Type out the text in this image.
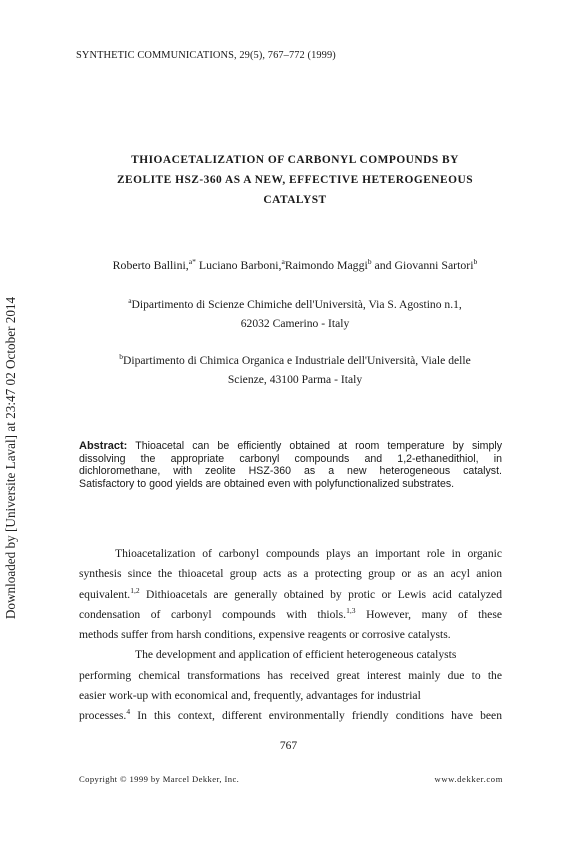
Downloaded by [Universite Laval] at 23:47 02 October 2014
SYNTHETIC COMMUNICATIONS, 29(5), 767–772 (1999)
THIOACETALIZATION OF CARBONYL COMPOUNDS BY
ZEOLITE HSZ-360 AS A NEW, EFFECTIVE HETEROGENEOUS
CATALYST
Roberto Ballini,$^{a*}$ Luciano Barboni,$^a$Raimondo Maggi$^b$ and Giovanni Sartori$^b$
$^a$Dipartimento di Scienze Chimiche dell'Università, Via S. Agostino n.1,
62032 Camerino - Italy
$^b$Dipartimento di Chimica Organica e Industriale dell'Università, Viale delle
Scienze, 43100 Parma - Italy
Abstract: Thioacetal can be efficiently obtained at room temperature by simply
dissolving the appropriate carbonyl compounds and 1,2-ethanedithiol, in
dichloromethane, with zeolite HSZ-360 as a new heterogeneous catalyst.
Satisfactory to good yields are obtained even with polyfunctionalized substrates.
Thioacetalization of carbonyl compounds plays an important role in organic
synthesis since the thioacetal group acts as a protecting group or as an acyl anion
equivalent.$^{1,2}$ Dithioacetals are generally obtained by protic or Lewis acid catalyzed
condensation of carbonyl compounds with thiols.$^{1,3}$ However, many of these
methods suffer from harsh conditions, expensive reagents or corrosive catalysts.
The development and application of efficient heterogeneous catalysts
performing chemical transformations has received great interest mainly due to the
easier work-up with economical and, frequently, advantages for industrial
processes.$^4$ In this context, different environmentally friendly conditions have been
767
Copyright © 1999 by Marcel Dekker, Inc.	www.dekker.com
